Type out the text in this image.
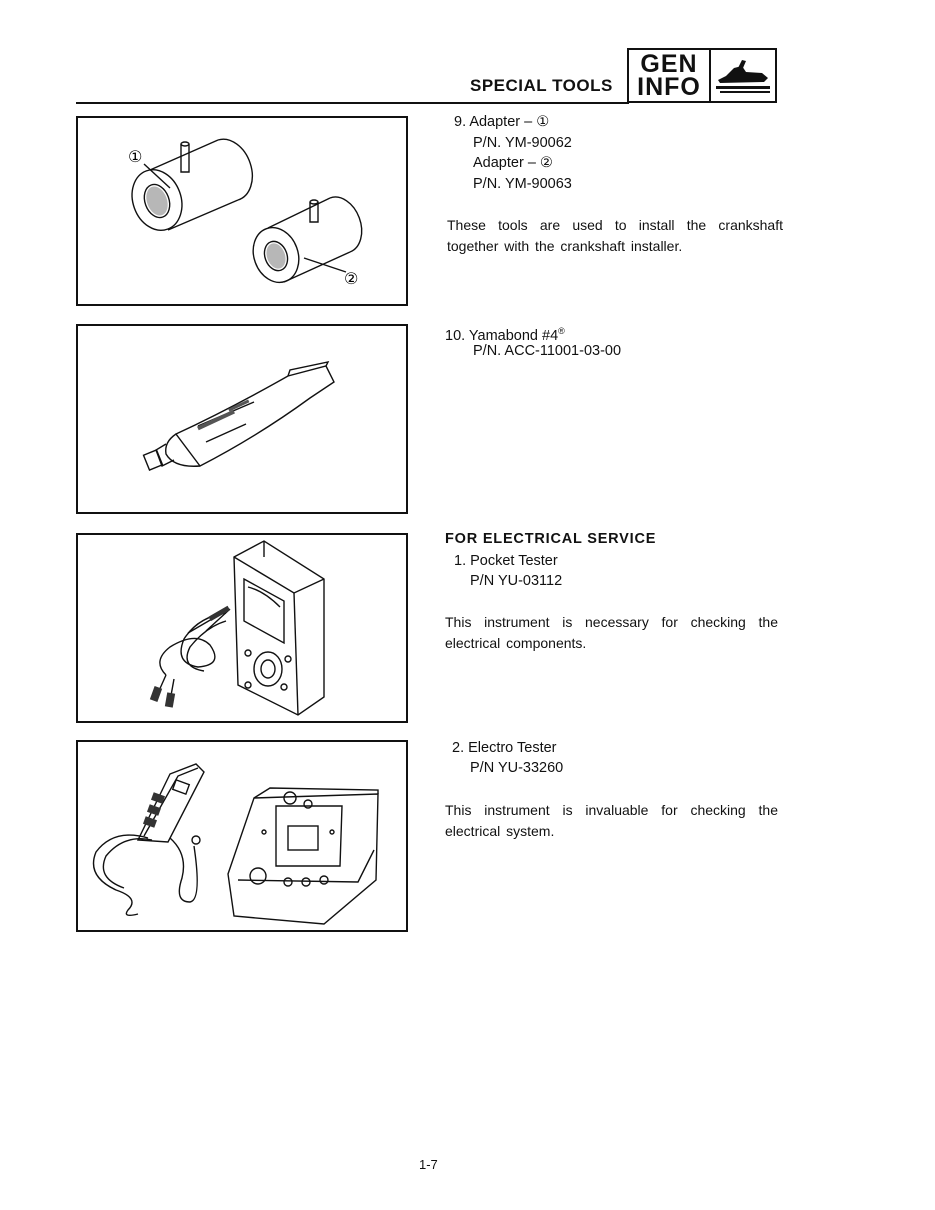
SPECIAL TOOLS
GEN
INFO
①
②
9. Adapter – ①
P/N. YM-90062
Adapter – ②
P/N. YM-90063
These tools are used to install the crankshaft together with the crankshaft installer.
10. Yamabond #4®
P/N. ACC-11001-03-00
FOR ELECTRICAL SERVICE
1. Pocket Tester
P/N YU-03112
This instrument is necessary for checking the electrical components.
2. Electro Tester
P/N YU-33260
This instrument is invaluable for checking the electrical system.
1-7
